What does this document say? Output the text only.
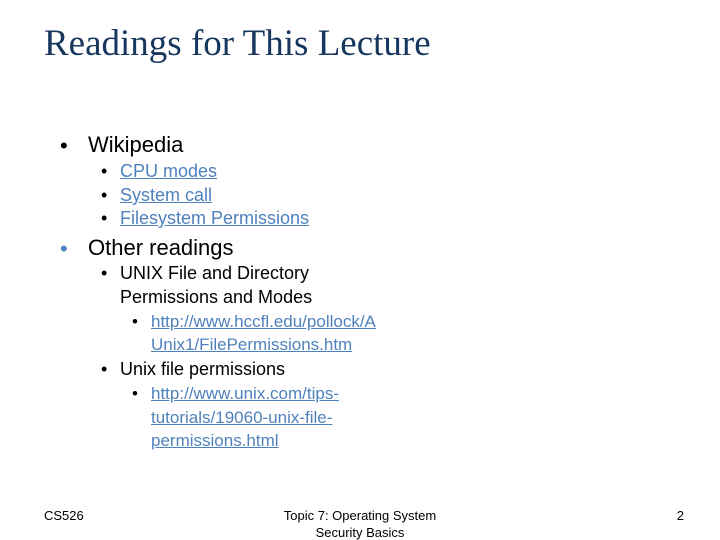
Readings for This Lecture
• Wikipedia
• CPU modes
• System call
• Filesystem Permissions
• Other readings
• UNIX File and Directory
Permissions and Modes
• http://www.hccfl.edu/pollock/A
Unix1/FilePermissions.htm
• Unix file permissions
• http://www.unix.com/tips-
tutorials/19060-unix-file-
permissions.html
CS526	Topic 7: Operating System
Security Basics
2
